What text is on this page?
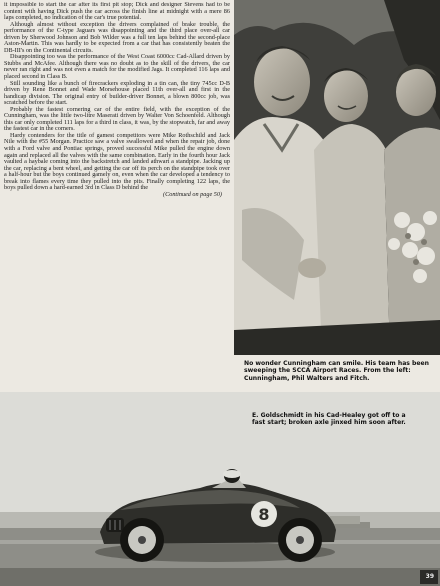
it impossible to start the car after its first pit stop; Dick and designer Stevens had to be content with having Dick push the car across the finish line at midnight with a mere 86 laps completed, no indication of the car's true potential.

Although almost without exception the drivers complained of brake trouble, the performance of the C-type Jaguars was disappointing and the third place over-all car driven by Sherwood Johnson and Bob Wilder was a full ten laps behind the second-place Aston-Martin. This was hardly to be expected from a car that has consistently beaten the DB-III's on the Continental circuits.

Disappointing too was the performance of the West Coast 6000cc Cad-Allard driven by Stubbs and McAfee. Although there was no doubt as to the skill of the drivers, the car never ran right and was not even a match for the modified Jags. It completed 116 laps and placed second in Class B.

Still sounding like a bunch of firecrackers exploding in a tin can, the tiny 745cc D-B driven by Rene Bonnet and Wade Morsehouse placed 11th over-all and first in the handicap division. The original entry of builder-driver Bonnet, a blown 800cc job, was scratched before the start.

Probably the fastest cornering car of the entire field, with the exception of the Cunningham, was the little two-litre Maserati driven by Walter Von Schoenfeld. Although this car only completed 111 laps for a third in class, it was, by the stopwatch, far and away the fastest car in the corners.

Hardy contenders for the title of gamest competitors were Mike Rothschild and Jack Nile with the #55 Morgan. Practice saw a valve swallowed and when the repair job, done with a Ford valve and Pontiac springs, proved successful Mike pulled the engine down again and replaced all the valves with the same combination. Early in the fourth hour Jack vaulted a haybale coming into the backstretch and landed athwart a standpipe. Jacking up the car, replacing a bent wheel, and getting the car off its perch on the standpipe took over a half-hour but the boys continued gamely on, even when the car developed a tendency to break into flames every time they pulled into the pits. Finally completing 122 laps, the boys pulled down a hard-earned 3rd in Class D behind the

(Continued on page 50)
No wonder Cunningham can smile. His team has been sweeping the SCCA Airport Races. From the left: Cunningham, Phil Walters and Fitch.
8
E. Goldschmidt in his Cad-Healey got off to a fast start; broken axle jinxed him soon after.
39
